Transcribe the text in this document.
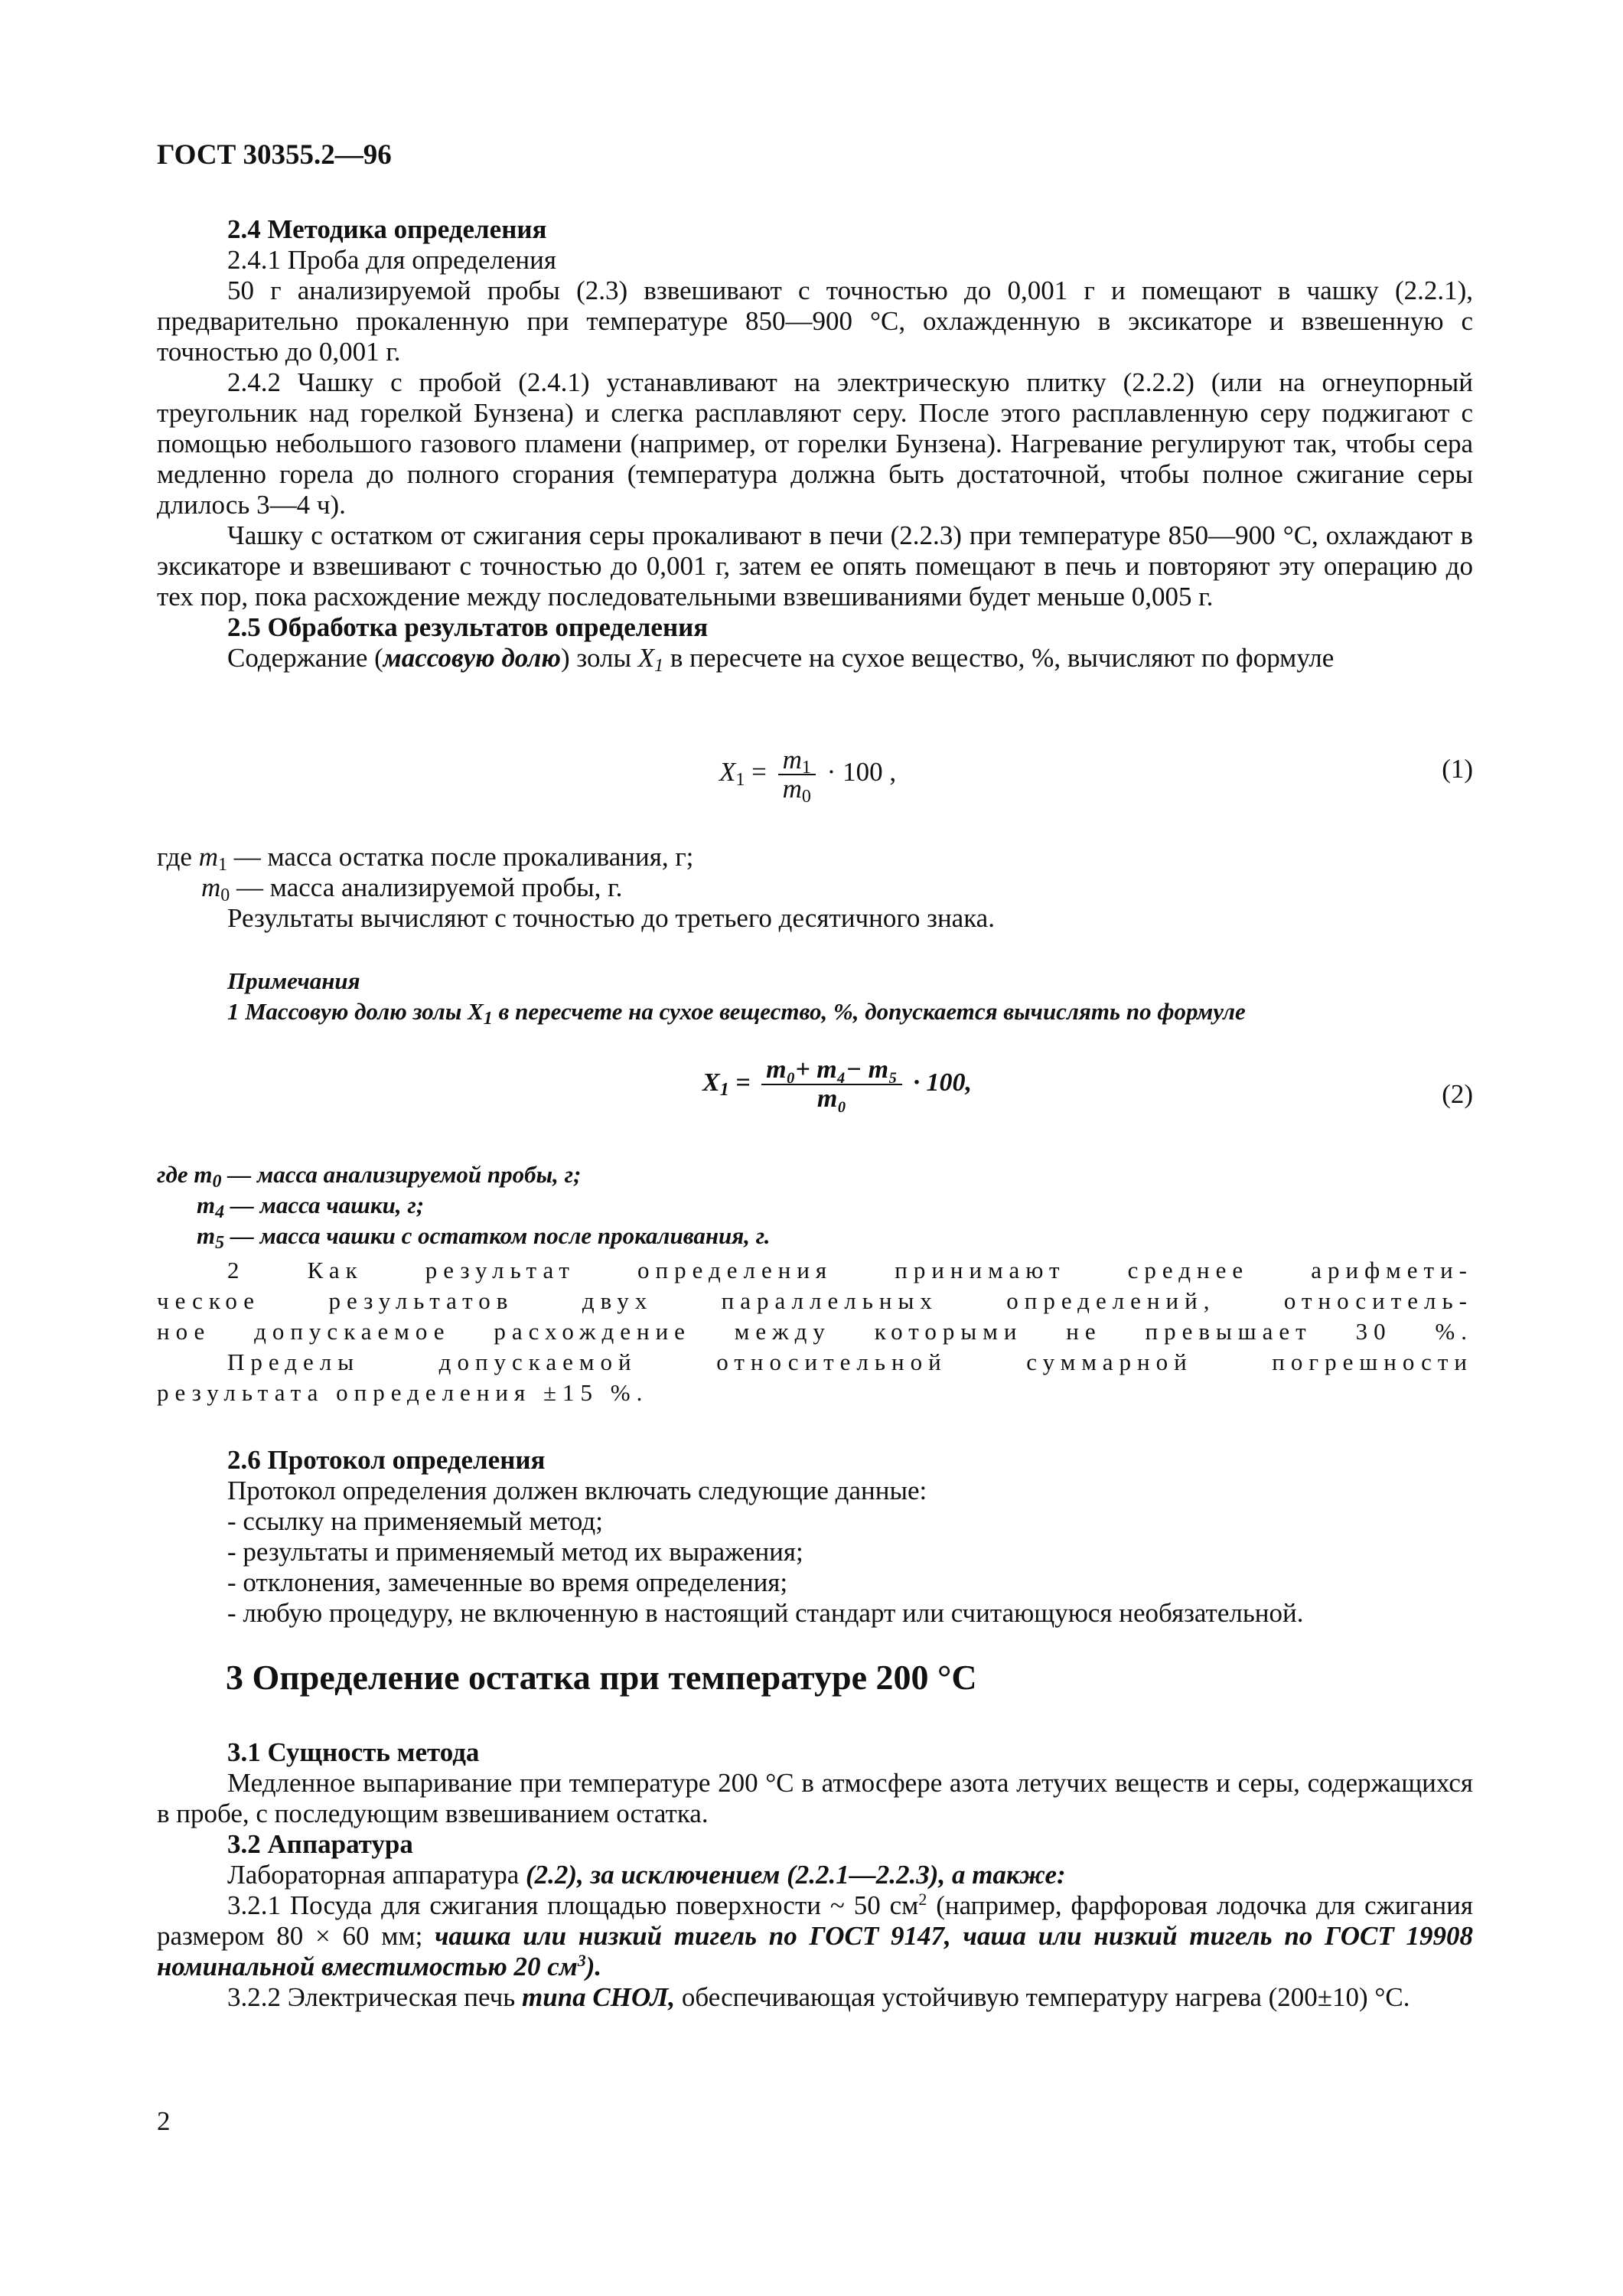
ГОСТ 30355.2—96

2.4 Методика определения

2.4.1 Проба для определения

50 г анализируемой пробы (2.3) взвешивают с точностью до 0,001 г и помещают в чашку (2.2.1), предварительно прокаленную при температуре 850—900 °С, охлажденную в эксикаторе и взвешенную с точностью до 0,001 г.

2.4.2 Чашку с пробой (2.4.1) устанавливают на электрическую плитку (2.2.2) (или на огнеупорный треугольник над горелкой Бунзена) и слегка расплавляют серу. После этого расплавленную серу поджигают с помощью небольшого газового пламени (например, от горелки Бунзена). Нагревание регулируют так, чтобы сера медленно горела до полного сгорания (температура должна быть достаточной, чтобы полное сжигание серы длилось 3—4 ч).

Чашку с остатком от сжигания серы прокаливают в печи (2.2.3) при температуре 850—900 °С, охлаждают в эксикаторе и взвешивают с точностью до 0,001 г, затем ее опять помещают в печь и повторяют эту операцию до тех пор, пока расхождение между последовательными взвешиваниями будет меньше 0,005 г.

2.5 Обработка результатов определения

Содержание (массовую долю) золы $X_1$ в пересчете на сухое вещество, %, вычисляют по формуле

$X_1 = \frac{m_1}{m_0} \cdot 100$ ,	(1)

где $m_1$ — масса остатка после прокаливания, г;

$m_0$ — масса анализируемой пробы, г.

Результаты вычисляют с точностью до третьего десятичного знака.

Примечания

1 Массовую долю золы $X_1$ в пересчете на сухое вещество, %, допускается вычислять по формуле

$X_1 = \frac{\text{m₀+ m₄− m₅}}{\text{m₀}} \cdot 100$,	(2)

где $m_0$ — масса анализируемой пробы, г;

$m_4$ — масса чашки, г;

$m_5$ — масса чашки с остатком после прокаливания, г.

2 Как результат определения принимают среднее арифмети-

ческое результатов двух параллельных определений, относитель-

ное допускаемое расхождение между которыми не превышает 30 %.

Пределы допускаемой относительной суммарной погрешности

результата определения ±15 %.

2.6 Протокол определения

Протокол определения должен включать следующие данные:

- ссылку на применяемый метод;

- результаты и применяемый метод их выражения;

- отклонения, замеченные во время определения;

- любую процедуру, не включенную в настоящий стандарт или считающуюся необязательной.

3 Определение остатка при температуре 200 °С

3.1 Сущность метода

Медленное выпаривание при температуре 200 °С в атмосфере азота летучих веществ и серы, содержащихся в пробе, с последующим взвешиванием остатка.

3.2 Аппаратура

Лабораторная аппаратура (2.2), за исключением (2.2.1—2.2.3), а также:

3.2.1 Посуда для сжигания площадью поверхности ~ 50 $см^2$ (например, фарфоровая лодочка для сжигания размером 80 × 60 мм; чашка или низкий тигель по ГОСТ 9147, чаша или низкий тигель по ГОСТ 19908 номинальной вместимостью 20 $см^3$).

3.2.2 Электрическая печь типа СНОЛ, обеспечивающая устойчивую температуру нагрева (200±10) °С.

2
